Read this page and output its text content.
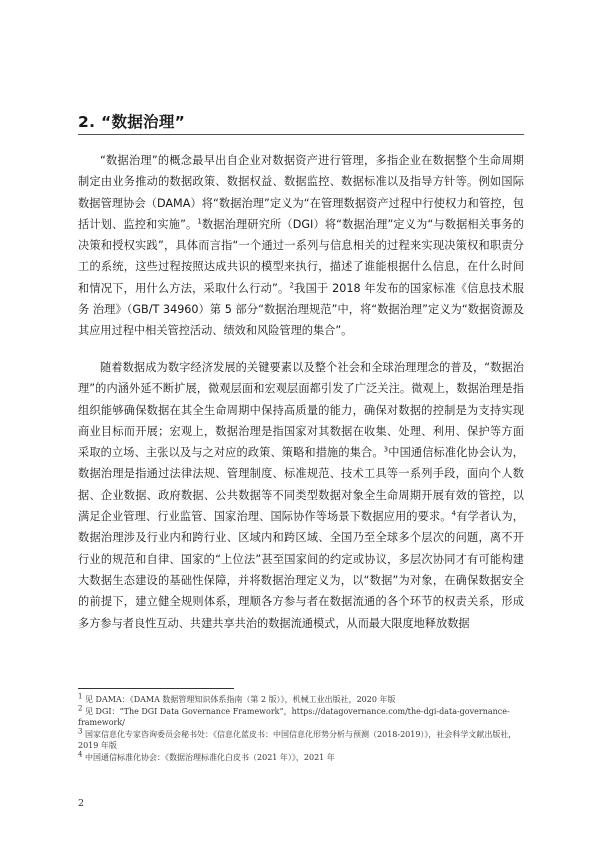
2. “数据治理”

“数据治理”的概念最早出自企业对数据资产进行管理，多指企业在数据整个生命周期制定由业务推动的数据政策、数据权益、数据监控、数据标准以及指导方针等。例如国际数据管理协会（DAMA）将“数据治理”定义为“在管理数据资产过程中行使权力和管控，包括计划、监控和实施”。$^1$数据治理研究所（DGI）将“数据治理”定义为“与数据相关事务的决策和授权实践”，具体而言指“一个通过一系列与信息相关的过程来实现决策权和职责分工的系统，这些过程按照达成共识的模型来执行，描述了谁能根据什么信息，在什么时间和情况下，用什么方法，采取什么行动”。$^2$我国于 2018 年发布的国家标准《信息技术服务 治理》（GB/T 34960）第 5 部分“数据治理规范”中，将“数据治理”定义为“数据资源及其应用过程中相关管控活动、绩效和风险管理的集合”。

随着数据成为数字经济发展的关键要素以及整个社会和全球治理理念的普及，“数据治理”的内涵外延不断扩展，微观层面和宏观层面都引发了广泛关注。微观上，数据治理是指组织能够确保数据在其全生命周期中保持高质量的能力，确保对数据的控制是为支持实现商业目标而开展；宏观上，数据治理是指国家对其数据在收集、处理、利用、保护等方面采取的立场、主张以及与之对应的政策、策略和措施的集合。$^3$中国通信标准化协会认为，数据治理是指通过法律法规、管理制度、标准规范、技术工具等一系列手段，面向个人数据、企业数据、政府数据、公共数据等不同类型数据对象全生命周期开展有效的管控，以满足企业管理、行业监管、国家治理、国际协作等场景下数据应用的要求。$^4$有学者认为，数据治理涉及行业内和跨行业、区域内和跨区域、全国乃至全球多个层次的问题，离不开行业的规范和自律、国家的“上位法”甚至国家间的约定或协议，多层次协同才有可能构建大数据生态建设的基础性保障，并将数据治理定义为，以“数据”为对象，在确保数据安全的前提下，建立健全规则体系，理顺各方参与者在数据流通的各个环节的权责关系，形成多方参与者良性互动、共建共享共治的数据流通模式，从而最大限度地释放数据

$^1$ 见 DAMA：《DAMA 数据管理知识体系指南（第 2 版）》，机械工业出版社，2020 年版
$^2$ 见 DGI：“The DGI Data Governance Framework”，https://datagovernance.com/the-dgi-data-governance-framework/
$^3$ 国家信息化专家咨询委员会秘书处：《信息化蓝皮书：中国信息化形势分析与预测（2018-2019）》，社会科学文献出版社，2019 年版
$^4$ 中国通信标准化协会：《数据治理标准化白皮书（2021 年）》，2021 年
2
